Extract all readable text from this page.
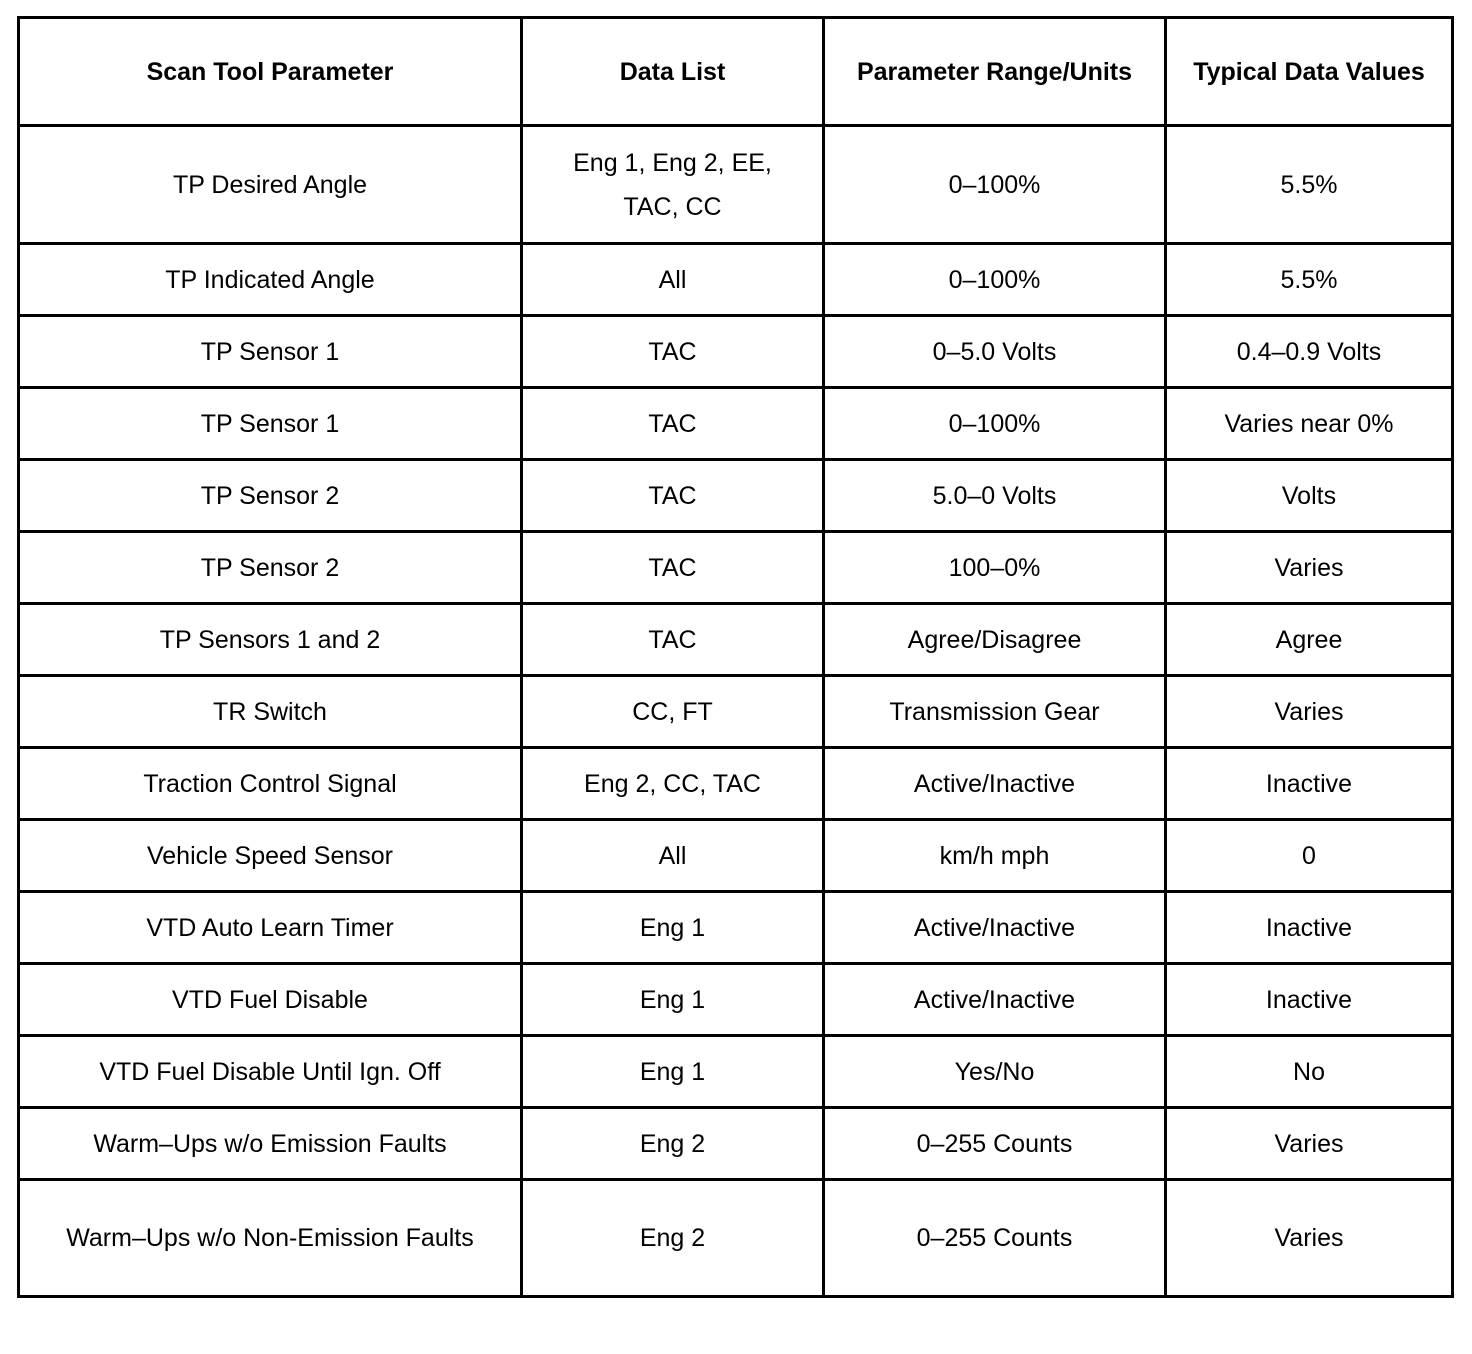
Scan Tool Parameter	Data List	Parameter Range/Units	Typical Data Values
TP Desired Angle	Eng 1, Eng 2, EE, TAC, CC	0–100%	5.5%
TP Indicated Angle	All	0–100%	5.5%
TP Sensor 1	TAC	0–5.0 Volts	0.4–0.9 Volts
TP Sensor 1	TAC	0–100%	Varies near 0%
TP Sensor 2	TAC	5.0–0 Volts	Volts
TP Sensor 2	TAC	100–0%	Varies
TP Sensors 1 and 2	TAC	Agree/Disagree	Agree
TR Switch	CC, FT	Transmission Gear	Varies
Traction Control Signal	Eng 2, CC, TAC	Active/Inactive	Inactive
Vehicle Speed Sensor	All	km/h mph	0
VTD Auto Learn Timer	Eng 1	Active/Inactive	Inactive
VTD Fuel Disable	Eng 1	Active/Inactive	Inactive
VTD Fuel Disable Until Ign. Off	Eng 1	Yes/No	No
Warm–Ups w/o Emission Faults	Eng 2	0–255 Counts	Varies
Warm–Ups w/o Non-Emission Faults	Eng 2	0–255 Counts	Varies
